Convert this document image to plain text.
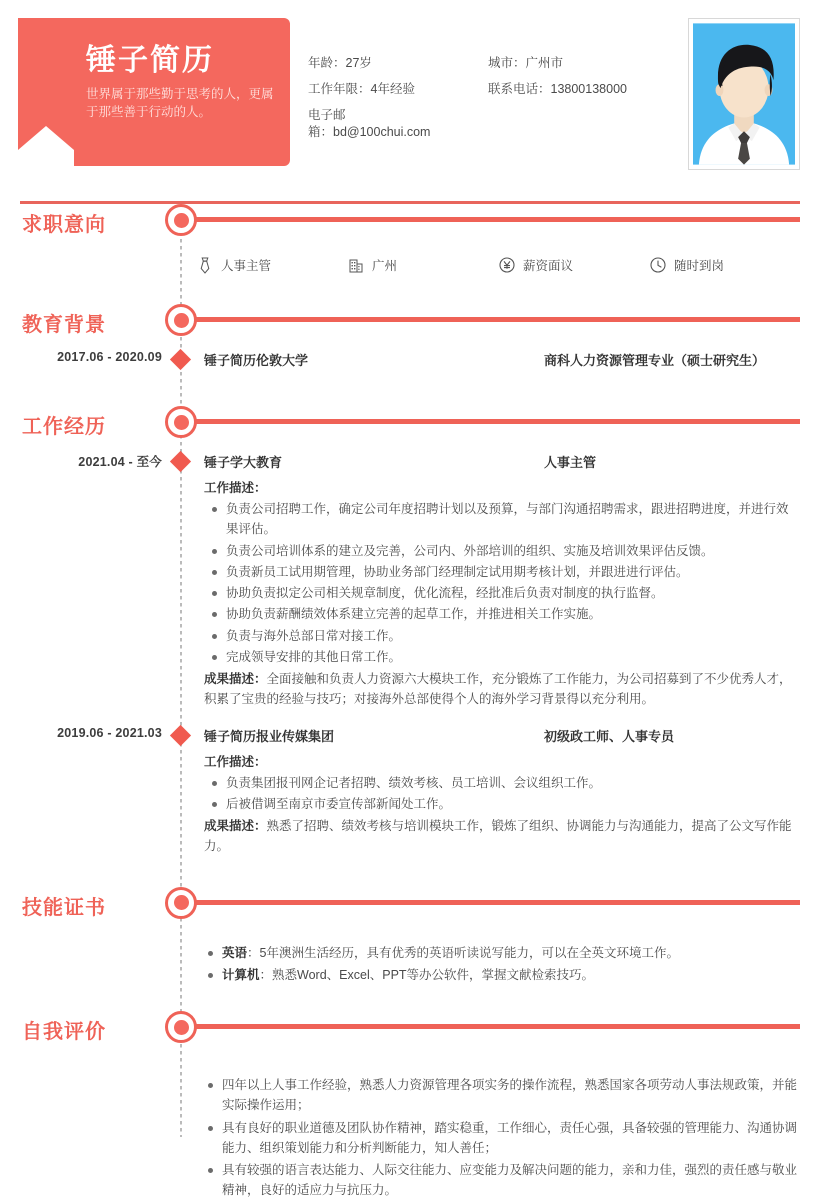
锤子简历
世界属于那些勤于思考的人，更属于那些善于行动的人。
年龄：27岁	城市：广州市
工作年限：4年经验	联系电话：13800138000
电子邮
箱：bd@100chui.com
求职意向
人事主管	广州	薪资面议	随时到岗
教育背景
2017.06 - 2020.09	锤子简历伦敦大学	商科人力资源管理专业（硕士研究生）
工作经历
2021.04 - 至今	锤子学大教育	人事主管
工作描述：
负责公司招聘工作，确定公司年度招聘计划以及预算，与部门沟通招聘需求，跟进招聘进度，并进行效果评估。
负责公司培训体系的建立及完善，公司内、外部培训的组织、实施及培训效果评估反馈。
负责新员工试用期管理，协助业务部门经理制定试用期考核计划，并跟进进行评估。
协助负责拟定公司相关规章制度，优化流程，经批准后负责对制度的执行监督。
协助负责薪酬绩效体系建立完善的起草工作，并推进相关工作实施。
负责与海外总部日常对接工作。
完成领导安排的其他日常工作。
成果描述：全面接触和负责人力资源六大模块工作，充分锻炼了工作能力，为公司招募到了不少优秀人才，积累了宝贵的经验与技巧；对接海外总部使得个人的海外学习背景得以充分利用。
2019.06 - 2021.03	锤子简历报业传媒集团	初级政工师、人事专员
工作描述：
负责集团报刊网企记者招聘、绩效考核、员工培训、会议组织工作。
后被借调至南京市委宣传部新闻处工作。
成果描述：熟悉了招聘、绩效考核与培训模块工作，锻炼了组织、协调能力与沟通能力，提高了公文写作能力。
技能证书
英语：5年澳洲生活经历，具有优秀的英语听读说写能力，可以在全英文环境工作。
计算机：熟悉Word、Excel、PPT等办公软件，掌握文献检索技巧。
自我评价
四年以上人事工作经验，熟悉人力资源管理各项实务的操作流程，熟悉国家各项劳动人事法规政策，并能实际操作运用；
具有良好的职业道德及团队协作精神，踏实稳重，工作细心，责任心强，具备较强的管理能力、沟通协调能力、组织策划能力和分析判断能力，知人善任；
具有较强的语言表达能力、人际交往能力、应变能力及解决问题的能力，亲和力佳，强烈的责任感与敬业精神，良好的适应力与抗压力。
